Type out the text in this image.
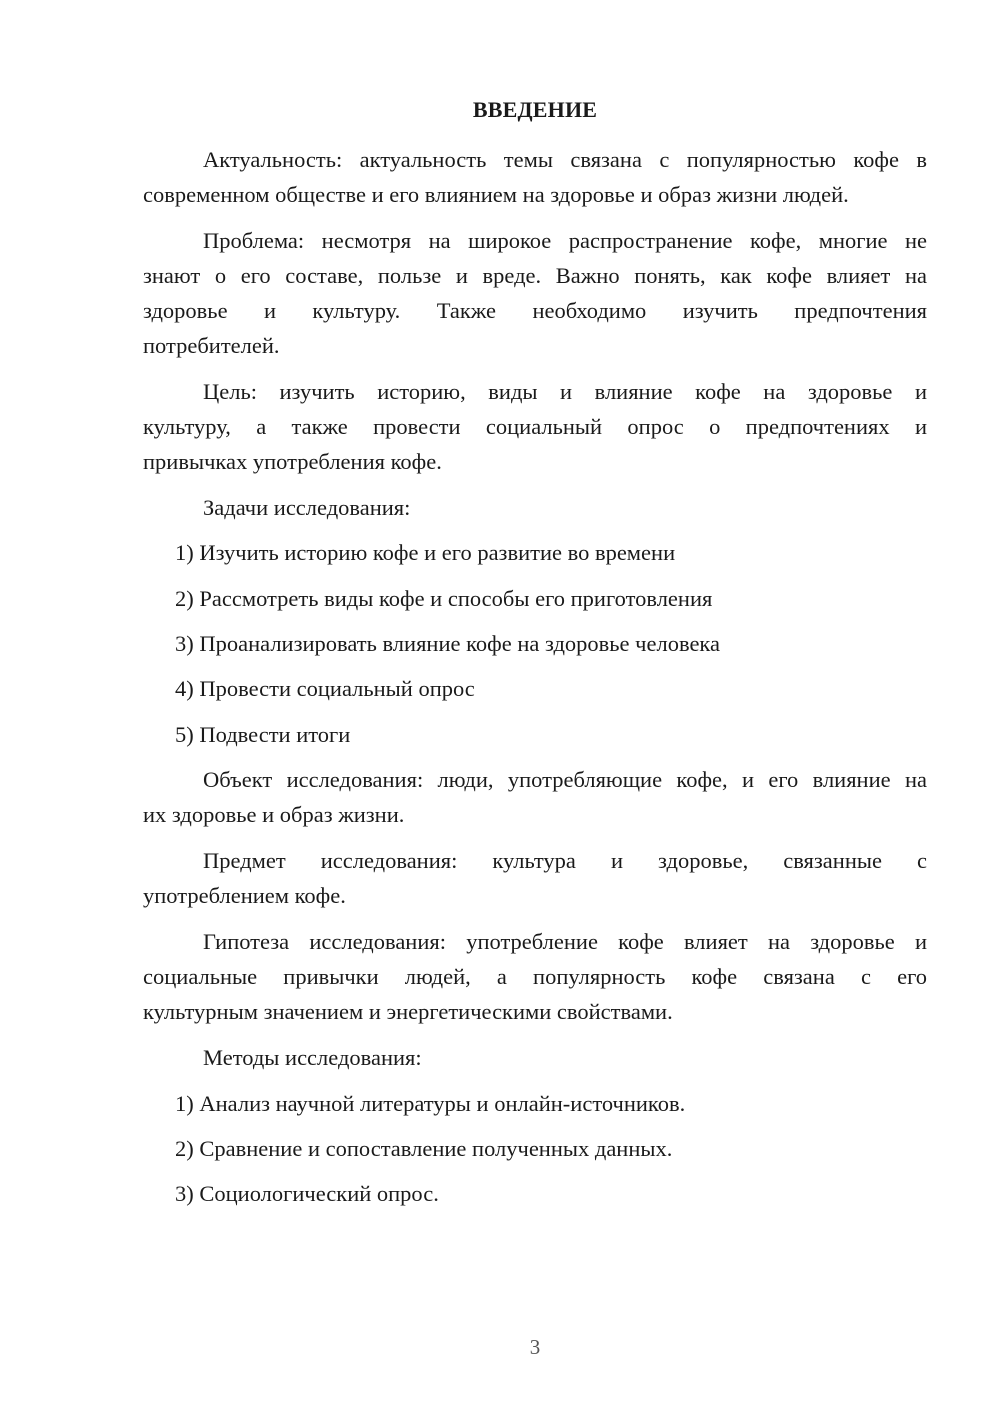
ВВЕДЕНИЕ
Актуальность: актуальность темы связана с популярностью кофе в
современном обществе и его влиянием на здоровье и образ жизни людей.
Проблема: несмотря на широкое распространение кофе, многие не
знают о его составе, пользе и вреде. Важно понять, как кофе влияет на
здоровье и культуру. Также необходимо изучить предпочтения
потребителей.
Цель: изучить историю, виды и влияние кофе на здоровье и
культуру, а также провести социальный опрос о предпочтениях и
привычках употребления кофе.
Задачи исследования:
1) Изучить историю кофе и его развитие во времени
2) Рассмотреть виды кофе и способы его приготовления
3) Проанализировать влияние кофе на здоровье человека
4) Провести социальный опрос
5) Подвести итоги
Объект исследования: люди, употребляющие кофе, и его влияние на
их здоровье и образ жизни.
Предмет исследования: культура и здоровье, связанные с
употреблением кофе.
Гипотеза исследования: употребление кофе влияет на здоровье и
социальные привычки людей, а популярность кофе связана с его
культурным значением и энергетическими свойствами.
Методы исследования:
1) Анализ научной литературы и онлайн-источников.
2) Сравнение и сопоставление полученных данных.
3) Социологический опрос.
3
